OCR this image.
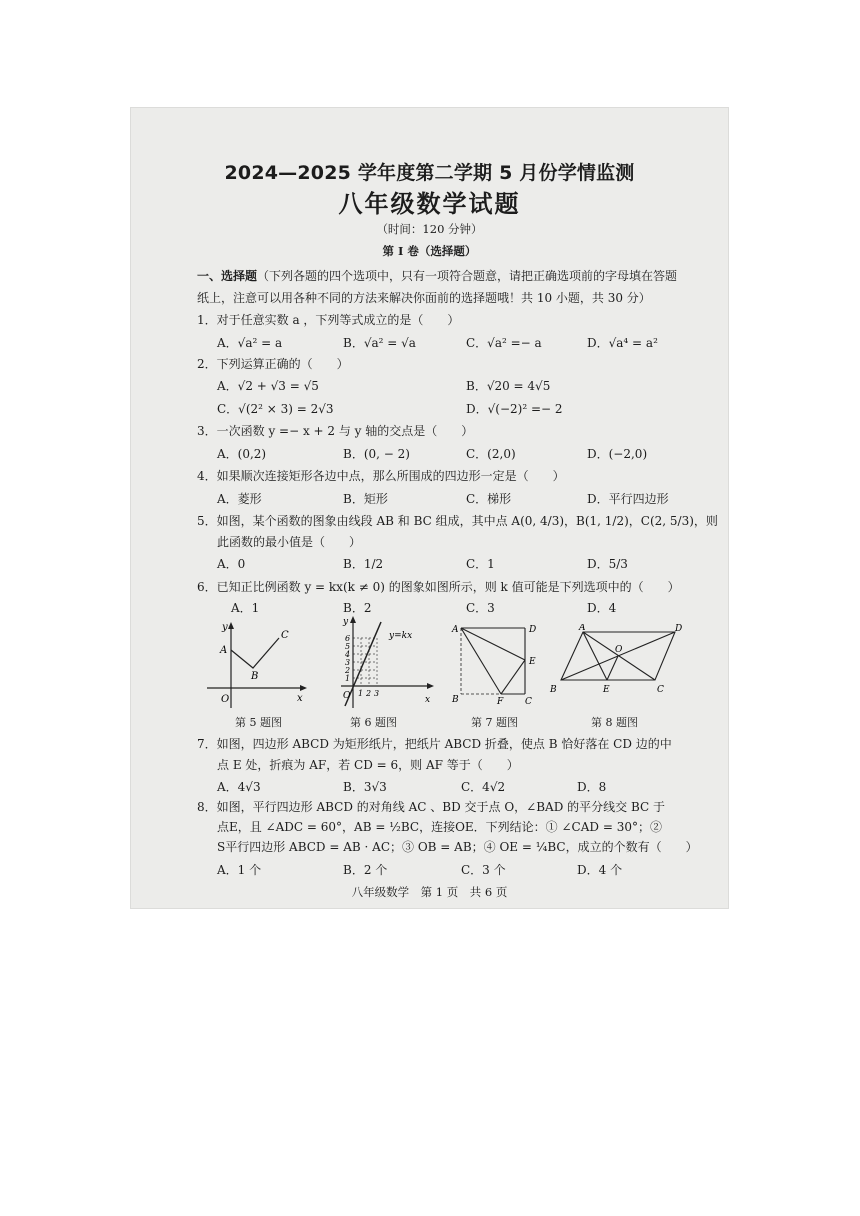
2024—2025 学年度第二学期 5 月份学情监测
八年级数学试题
（时间：120 分钟）
第 I 卷（选择题）
一、选择题（下列各题的四个选项中，只有一项符合题意，请把正确选项前的字母填在答题
纸上，注意可以用各种不同的方法来解决你面前的选择题哦！共 10 小题，共 30 分）
1．对于任意实数 a ，下列等式成立的是（　　）
A．√a² = a	B．√a² = √a	C．√a² =− a	D．√a⁴ = a²
2．下列运算正确的（　　）
A．√2 + √3 = √5	B．√20 = 4√5
C．√(2² × 3) = 2√3	D．√(−2)² =− 2
3．一次函数 y =− x + 2 与 y 轴的交点是（　　）
A．(0,2)	B．(0, − 2)	C．(2,0)	D．(−2,0)
4．如果顺次连接矩形各边中点，那么所围成的四边形一定是（　　）
A．菱形	B．矩形	C．梯形	D．平行四边形
5．如图，某个函数的图象由线段 AB 和 BC 组成，其中点 A(0, 4/3)，B(1, 1/2)，C(2, 5/3)，则
此函数的最小值是（　　）
A．0	B．1/2	C．1	D．5/3
6．已知正比例函数 y = kx(k ≠ 0) 的图象如图所示，则 k 值可能是下列选项中的（　　）
A．1	B．2	C．3	D．4
y
x
O
A
B
C
第 5 题图
y
x
O
y=kx
1
2
3
4
5
6
1 2 3
第 6 题图
A	D
E
B	F C
第 7 题图
A	D
O
B	E	C
第 8 题图
7．如图，四边形 ABCD 为矩形纸片，把纸片 ABCD 折叠，使点 B 恰好落在 CD 边的中
点 E 处，折痕为 AF，若 CD = 6，则 AF 等于（　　）
A．4√3	B．3√3	C．4√2	D．8
8．如图，平行四边形 ABCD 的对角线 AC 、BD 交于点 O，∠BAD 的平分线交 BC 于
点E，且 ∠ADC = 60°，AB = ½BC，连接OE．下列结论：① ∠CAD = 30°；②
S平行四边形 ABCD = AB · AC；③ OB = AB；④ OE = ¼BC，成立的个数有（　　）
A．1 个	B．2 个	C．3 个	D．4 个
八年级数学　第 1 页　共 6 页
